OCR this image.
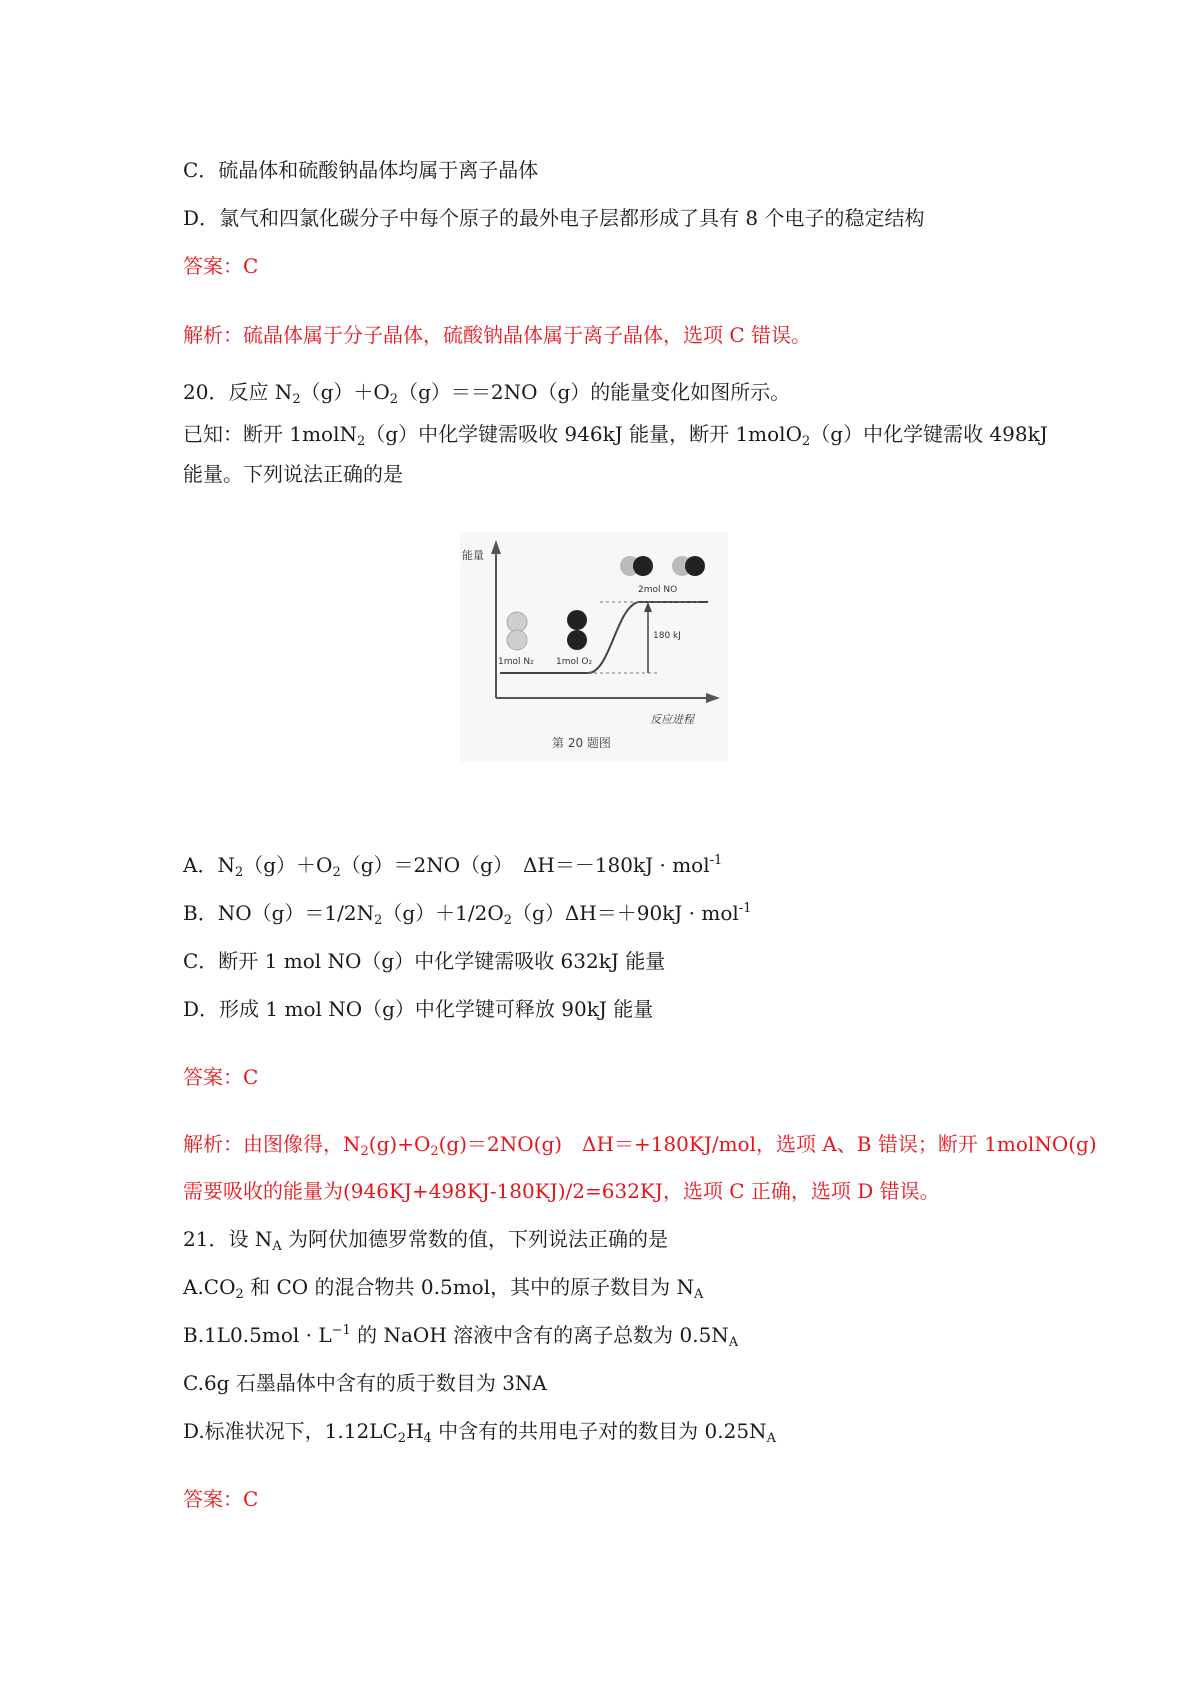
C．硫晶体和硫酸钠晶体均属于离子晶体
D．氯气和四氯化碳分子中每个原子的最外电子层都形成了具有 8 个电子的稳定结构
答案：C
解析：硫晶体属于分子晶体，硫酸钠晶体属于离子晶体，选项 C 错误。
20．反应 $N_2(g)+O_2(g)==2NO(g)$的能量变化如图所示。
已知：断开 1molN$_2$（g）中化学键需吸收 946kJ 能量，断开 1molO$_2$（g）中化学键需收 498kJ
能量。下列说法正确的是
能量
反应进程
180 kJ
1mol N₂ 1mol O₂
2mol NO
第 20 题图
A．$N_2(g)+O_2(g)=2NO(g)$　ΔH＝－180kJ · mol$^{-1}$
B．$NO(g)=1/2N_2(g)+1/2O_2(g)\Delta H=+90kJ \cdot mol^{-1}$
C．断开 1 mol NO（g）中化学键需吸收 632kJ 能量
D．形成 1 mol NO（g）中化学键可释放 90kJ 能量
答案：C
解析：由图像得，$N_2(g)+O_2(g)=2NO(g)$　ΔH＝+180KJ/mol，选项 A、B 错误；断开 1molNO(g)
需要吸收的能量为(946KJ+498KJ-180KJ)/2=632KJ，选项 C 正确，选项 D 错误。
21．设 $N_A$ 为阿伏加德罗常数的值，下列说法正确的是
$A.CO_2$ 和 CO 的混合物共 0.5mol，其中的原子数目为 $N_A$
$B.1L0.5mol \cdot L^{-1}$ 的 NaOH 溶液中含有的离子总数为 $0.5N_A$
C.6g 石墨晶体中含有的质于数目为 3NA
D.标准状况下，$1.12LC_2H_4$ 中含有的共用电子对的数目为 $0.25N_A$
答案：C
